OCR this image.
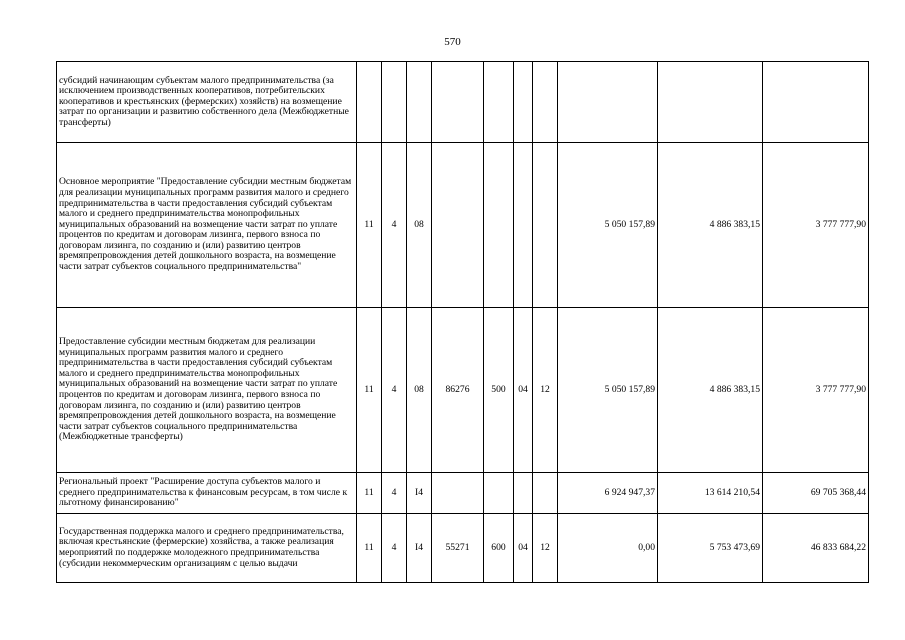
570
субсидий начинающим субъектам малого предпринимательства (за исключением производственных кооперативов, потребительских кооперативов и крестьянских (фермерских) хозяйств) на возмещение затрат по организации и развитию собственного дела (Межбюджетные трансферты)										
Основное мероприятие "Предоставление субсидии местным бюджетам для реализации муниципальных программ развития малого и среднего предпринимательства в части предоставления субсидий субъектам малого и среднего предпринимательства монопрофильных муниципальных образований на возмещение части затрат по уплате процентов по кредитам и договорам лизинга, первого взноса по договорам лизинга, по созданию и (или) развитию центров времяпрепровождения детей дошкольного возраста, на возмещение части затрат субъектов социального предпринимательства"	11	4	08					5 050 157,89	4 886 383,15	3 777 777,90
Предоставление субсидии местным бюджетам для реализации муниципальных программ развития малого и среднего предпринимательства в части предоставления субсидий субъектам малого и среднего предпринимательства монопрофильных муниципальных образований на возмещение части затрат по уплате процентов по кредитам и договорам лизинга, первого взноса по договорам лизинга, по созданию и (или) развитию центров времяпрепровождения детей дошкольного возраста, на возмещение части затрат субъектов социального предпринимательства (Межбюджетные трансферты)	11	4	08	86276	500	04	12	5 050 157,89	4 886 383,15	3 777 777,90
Региональный проект "Расширение доступа субъектов малого и среднего предпринимательства к финансовым ресурсам, в том числе к льготному финансированию"	11	4	I4					6 924 947,37	13 614 210,54	69 705 368,44
Государственная поддержка малого и среднего предпринимательства, включая крестьянские (фермерские) хозяйства, а также реализация мероприятий по поддержке молодежного предпринимательства (субсидии некоммерческим организациям с целью выдачи	11	4	I4	55271	600	04	12	0,00	5 753 473,69	46 833 684,22
